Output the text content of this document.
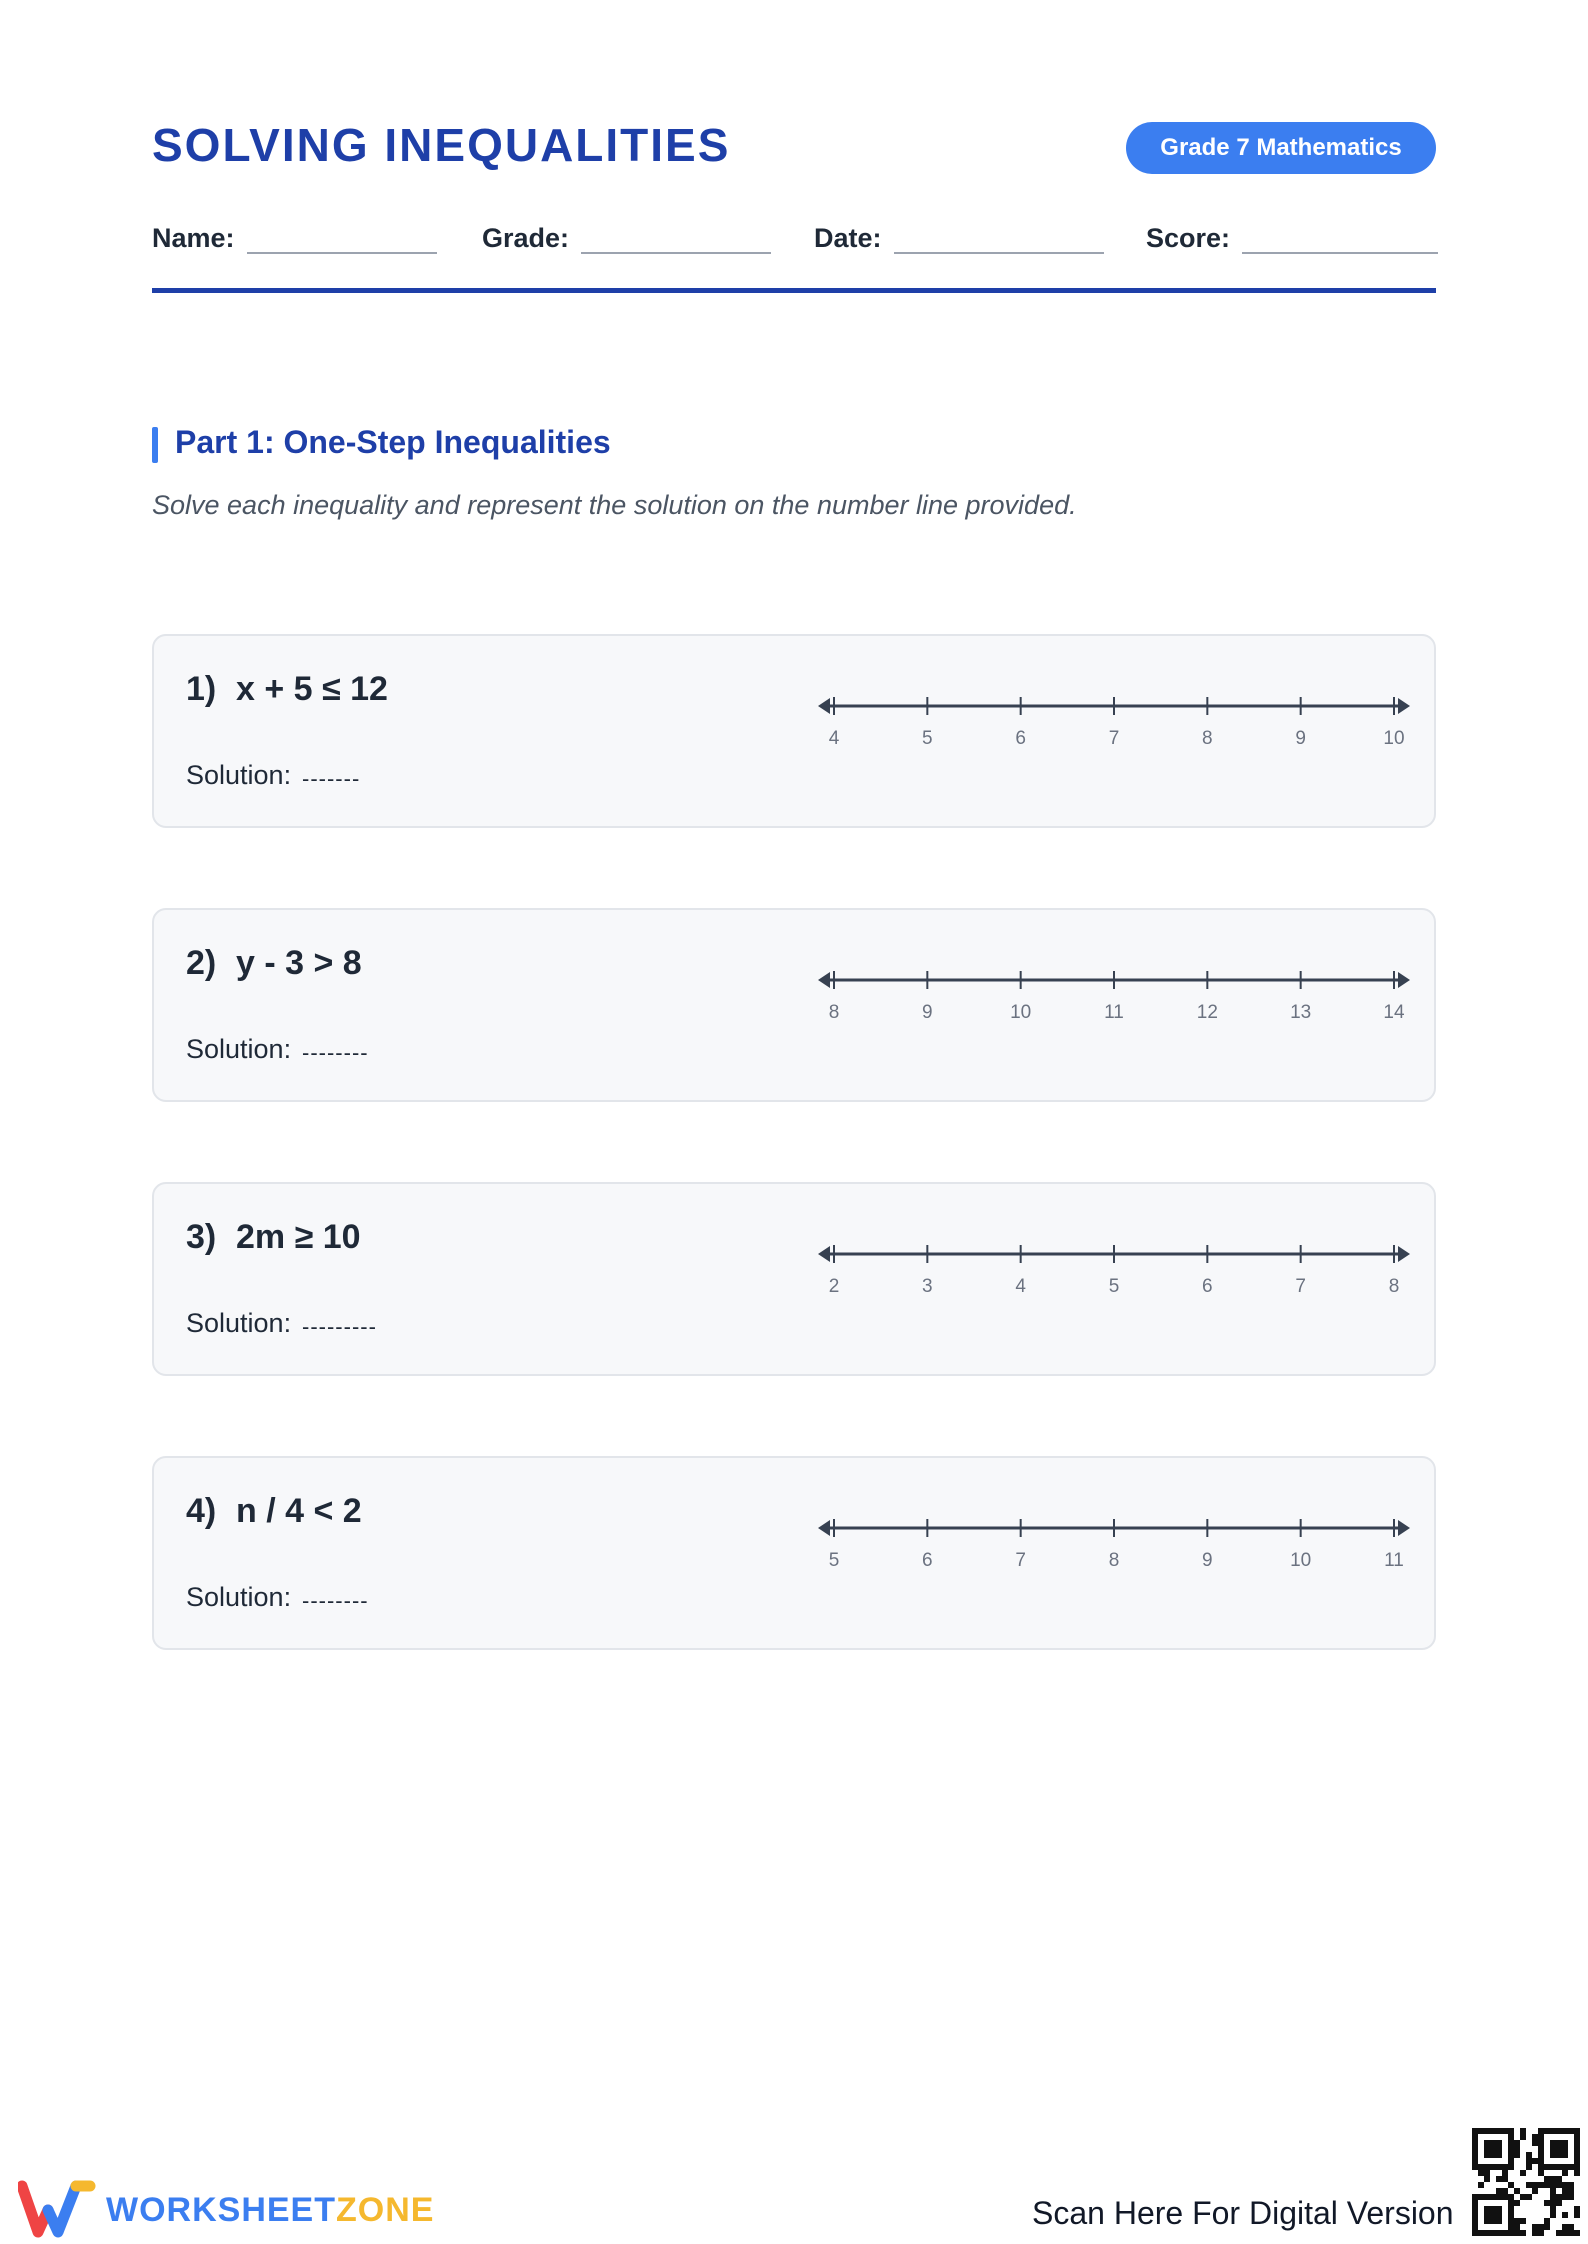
SOLVING INEQUALITIES	Grade 7 Mathematics
Name:	Grade:	Date:	Score:
Part 1: One-Step Inequalities
Solve each inequality and represent the solution on the number line provided.
1) x + 5 ≤ 12
Solution: -------
4	5	6	7	8	9	10
2) y - 3 > 8
Solution: --------
8	9	10	11	12	13	14
3) 2m ≥ 10
Solution: ---------
2	3	4	5	6	7	8
4) n / 4 < 2
Solution: --------
5	6	7	8	9	10	11
WORKSHEETZONE	Scan Here For Digital Version
